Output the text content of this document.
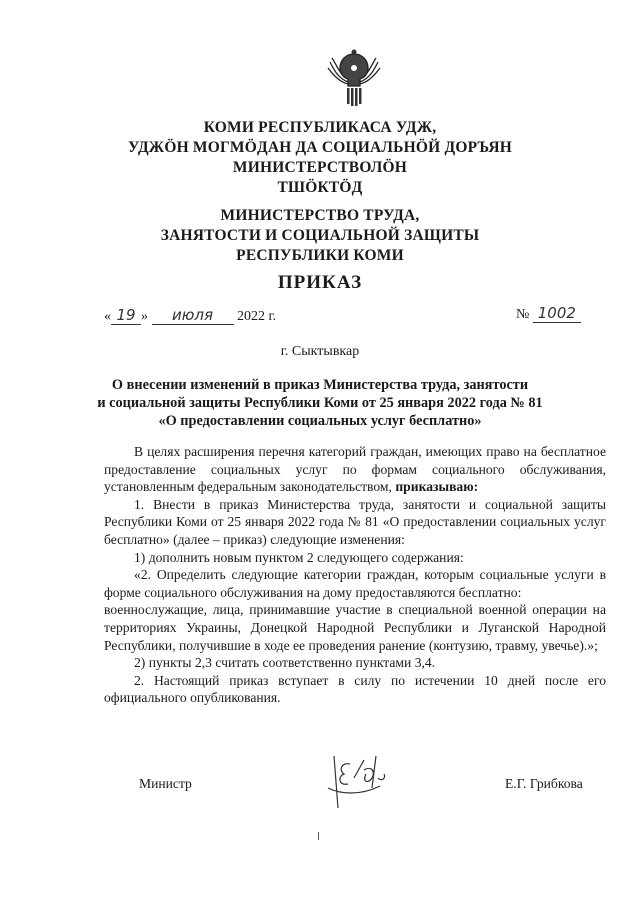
КОМИ РЕСПУБЛИКАСА УДЖ,
УДЖÖН МОГМÖДАН ДА СОЦИАЛЬНÖЙ ДОРЪЯН
МИНИСТЕРСТВОЛÖН
ТШÖКТÖД
МИНИСТЕРСТВО ТРУДА,
ЗАНЯТОСТИ И СОЦИАЛЬНОЙ ЗАЩИТЫ
РЕСПУБЛИКИ КОМИ
ПРИКАЗ
« 19 » июля 2022 г.	№ 1002
г. Сыктывкар
О внесении изменений в приказ Министерства труда, занятости
и социальной защиты Республики Коми от 25 января 2022 года № 81
«О предоставлении социальных услуг бесплатно»

В целях расширения перечня категорий граждан, имеющих право на бесплатное предоставление социальных услуг по формам социального обслуживания, установленным федеральным законодательством, приказываю:

1. Внести в приказ Министерства труда, занятости и социальной защиты Республики Коми от 25 января 2022 года № 81 «О предоставлении социальных услуг бесплатно» (далее – приказ) следующие изменения:

1) дополнить новым пунктом 2 следующего содержания:

«2. Определить следующие категории граждан, которым социальные услуги в форме социального обслуживания на дому предоставляются бесплатно:

военнослужащие, лица, принимавшие участие в специальной военной операции на территориях Украины, Донецкой Народной Республики и Луганской Народной Республики, получившие в ходе ее проведения ранение (контузию, травму, увечье).»;

2) пункты 2,3 считать соответственно пунктами 3,4.

2. Настоящий приказ вступает в силу по истечении 10 дней после его официального опубликования.

Министр	Е.Г. Грибкова
